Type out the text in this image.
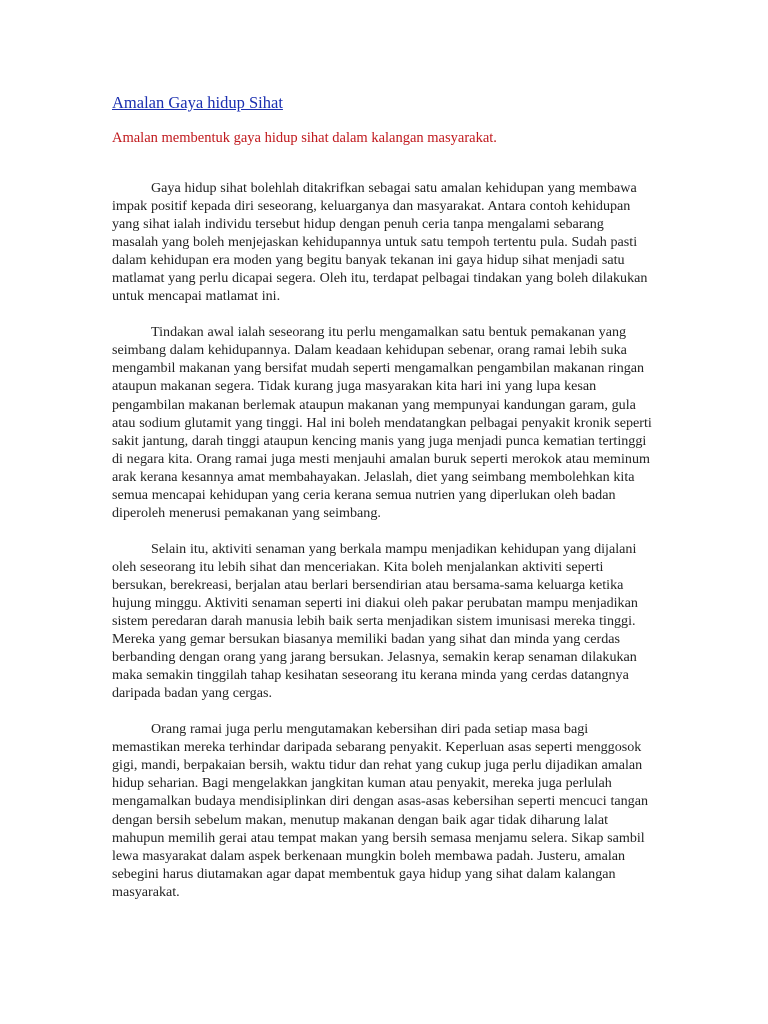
Amalan Gaya hidup Sihat

Amalan membentuk gaya hidup sihat dalam kalangan masyarakat.

Gaya hidup sihat bolehlah ditakrifkan sebagai satu amalan kehidupan yang membawa impak positif kepada diri seseorang, keluarganya dan masyarakat. Antara contoh kehidupan yang sihat ialah individu tersebut hidup dengan penuh ceria tanpa mengalami sebarang masalah yang boleh menjejaskan kehidupannya untuk satu tempoh tertentu pula. Sudah pasti dalam kehidupan era moden yang begitu banyak tekanan ini gaya hidup sihat menjadi satu matlamat yang perlu dicapai segera. Oleh itu, terdapat pelbagai tindakan yang boleh dilakukan untuk mencapai matlamat ini.

Tindakan awal ialah seseorang itu perlu mengamalkan satu bentuk pemakanan yang seimbang dalam kehidupannya. Dalam keadaan kehidupan sebenar, orang ramai lebih suka mengambil makanan yang bersifat mudah seperti mengamalkan pengambilan makanan ringan ataupun makanan segera. Tidak kurang juga masyarakan kita hari ini yang lupa kesan pengambilan makanan berlemak ataupun makanan yang mempunyai kandungan garam, gula atau sodium glutamit yang tinggi. Hal ini boleh mendatangkan pelbagai penyakit kronik seperti sakit jantung, darah tinggi ataupun kencing manis yang juga menjadi punca kematian tertinggi di negara kita. Orang ramai juga mesti menjauhi amalan buruk seperti merokok atau meminum arak kerana kesannya amat membahayakan. Jelaslah, diet yang seimbang membolehkan kita semua mencapai kehidupan yang ceria kerana semua nutrien yang diperlukan oleh badan diperoleh menerusi pemakanan yang seimbang.

Selain itu, aktiviti senaman yang berkala mampu menjadikan kehidupan yang dijalani oleh seseorang itu lebih sihat dan menceriakan. Kita boleh menjalankan aktiviti seperti bersukan, berekreasi, berjalan atau berlari bersendirian atau bersama-sama keluarga ketika hujung minggu. Aktiviti senaman seperti ini diakui oleh pakar perubatan mampu menjadikan sistem peredaran darah manusia lebih baik serta menjadikan sistem imunisasi mereka tinggi. Mereka yang gemar bersukan biasanya memiliki badan yang sihat dan minda yang cerdas berbanding dengan orang yang jarang bersukan. Jelasnya, semakin kerap senaman dilakukan maka semakin tinggilah tahap kesihatan seseorang itu kerana minda yang cerdas datangnya daripada badan yang cergas.

Orang ramai juga perlu mengutamakan kebersihan diri pada setiap masa bagi memastikan mereka terhindar daripada sebarang penyakit. Keperluan asas seperti menggosok gigi, mandi, berpakaian bersih, waktu tidur dan rehat yang cukup juga perlu dijadikan amalan hidup seharian. Bagi mengelakkan jangkitan kuman atau penyakit, mereka juga perlulah mengamalkan budaya mendisiplinkan diri dengan asas-asas kebersihan seperti mencuci tangan dengan bersih sebelum makan, menutup makanan dengan baik agar tidak diharung lalat mahupun memilih gerai atau tempat makan yang bersih semasa menjamu selera. Sikap sambil lewa masyarakat dalam aspek berkenaan mungkin boleh membawa padah. Justeru, amalan sebegini harus diutamakan agar dapat membentuk gaya hidup yang sihat dalam kalangan masyarakat.
